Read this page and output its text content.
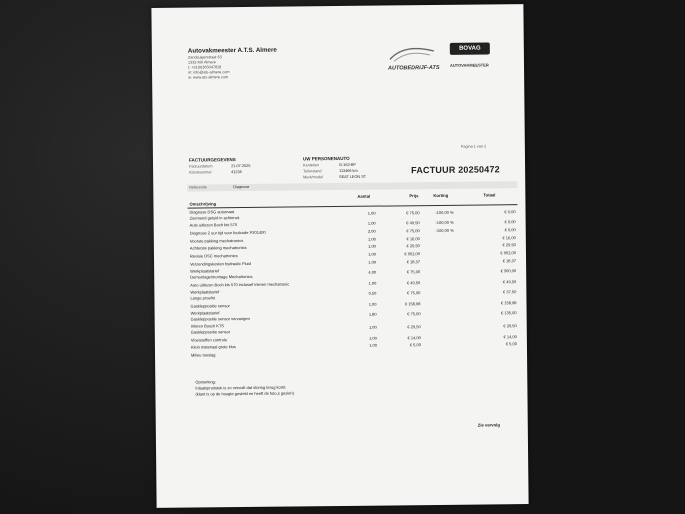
Autovakmeester A.T.S. Almere
Zandsuigerstraat 63
1333 MX Almere
t: +31(0)365047818
m: info@ats-almere.com
w: www.ats-almere.com
AUTOBEDRIJF-ATS
BOVAG
AUTOVAKMEESTER
Pagina 1 van 2
FACTUURGEGEVENS
Factuurdatum	21-07-2025
Klantnummer	41236
UW PERSONENAUTO
Kenteken	G-163-BP
Tellerstand	113466 km
Merk/model	SEAT LEON ST
FACTUUR 20250472
Referentie	Diagnose
Omschrijving
Aantal	Prijs	Korting	Totaal
Diagnose DSG automaat.
Zoemend geluid in achteruit.
1,00	€ 75,00	-100,00 %	€ 0,00
Auto uitlezen Boch kts 570	1,00	€ 49,50	-100,00 %	€ 0,00
Diagnose 2 uur tijd voor foutcode P201400	2,00	€ 75,00	-100,00 %	€ 0,00
Voorste pakking mechatronics	1,00	€ 16,00	€ 16,00
Achterste pakking mechatronics	1,00	€ 29,50	€ 29,50
Revisie DSC mechatronics	1,00	€ 952,00	€ 952,00
Verzendingskosten hydraulic Fluid	1,00	€ 18,37	€ 18,37
Werkplaatstarief
Demontage/montage Mechatronics
4,00	€ 75,00	€ 300,00
Auto uitlezen Boch kts 570 inclusief inleren mechatronic	1,00	€ 49,50	€ 49,50
Werkplaatstarief
Lange proefrit
0,50	€ 75,00	€ 37,50
Gaskleppositie sensor	1,00	€ 158,98	€ 158,98
Werkplaatstarief
Gaskleppositie sensor vervangen
1,80	€ 75,00	€ 135,00
Inleren Bosch KTS
Gaskleppositie sensor
1,00	€ 29,50	€ 29,50
Vloeistoffen controle	1,00	€ 14,00	€ 14,00
Klein materiaal grote klus	1,00	€ 5,00	€ 5,00
Milieu toeslag
Opmerking:
Inlaatspruitstuk is zo vervuilt dat storing terug komt.
(klant is op de hoogte gesteld en heeft de foto,s gezien)
Zie vervolg
